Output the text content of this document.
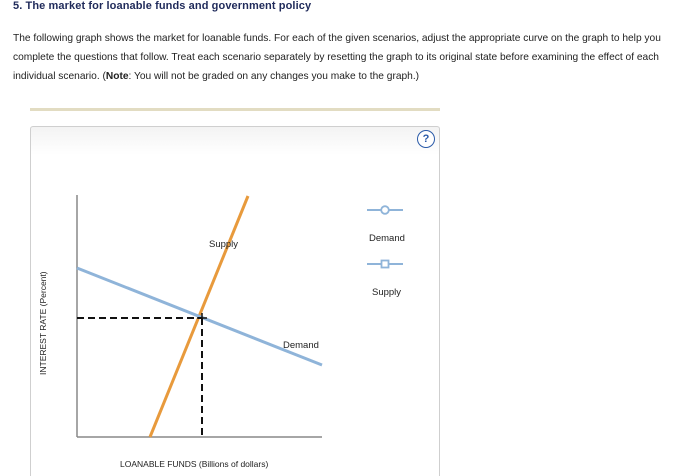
5. The market for loanable funds and government policy
The following graph shows the market for loanable funds. For each of the given scenarios, adjust the appropriate curve on the graph to help you complete the questions that follow. Treat each scenario separately by resetting the graph to its original state before examining the effect of each individual scenario. (Note: You will not be graded on any changes you make to the graph.)
?
Supply
Demand
INTEREST RATE (Percent)
LOANABLE FUNDS (Billions of dollars)
Demand
Supply
